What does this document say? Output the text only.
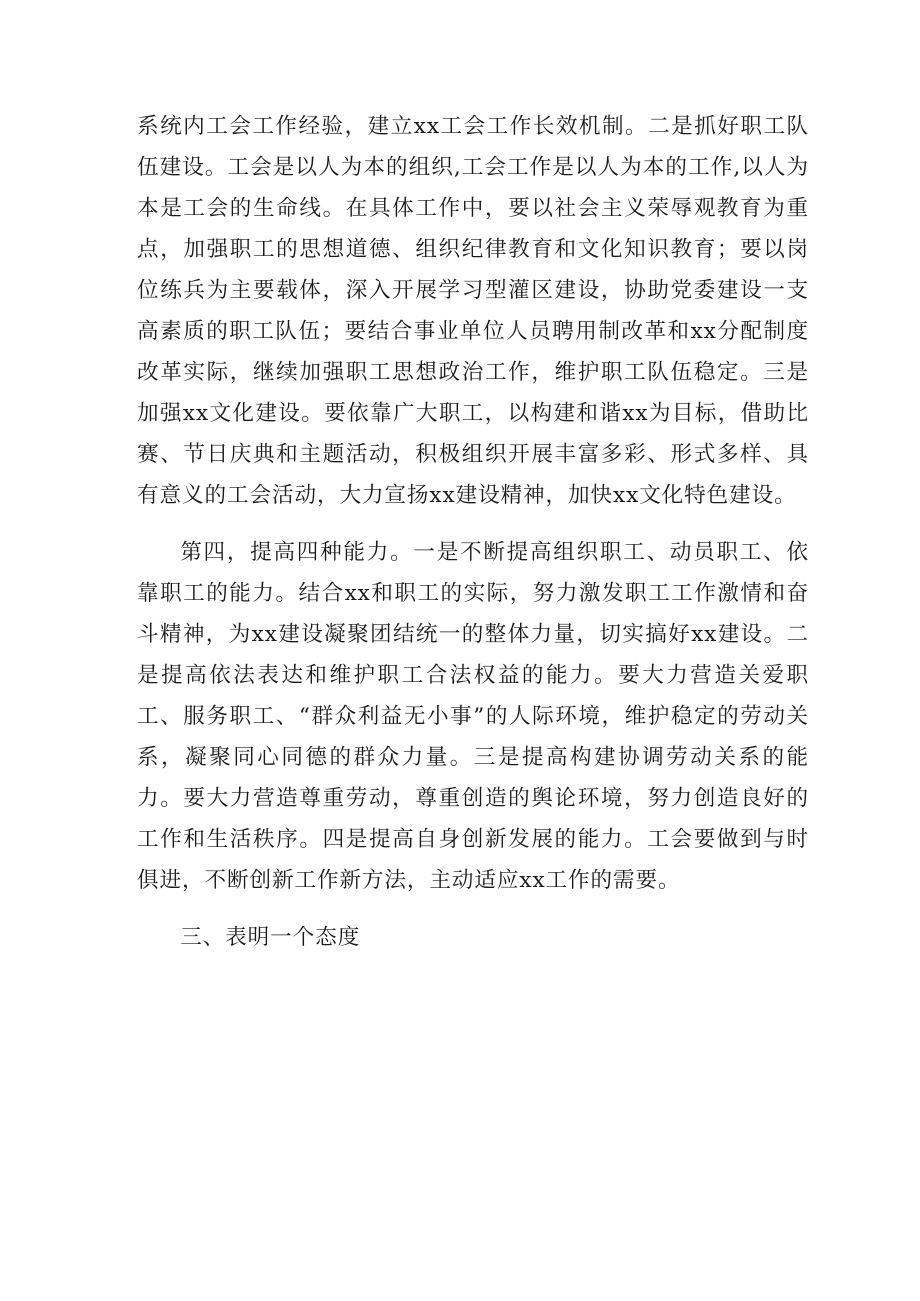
系统内工会工作经验，建立xx工会工作长效机制。二是抓好职工队伍建设。工会是以人为本的组织,工会工作是以人为本的工作,以人为本是工会的生命线。在具体工作中，要以社会主义荣辱观教育为重点，加强职工的思想道德、组织纪律教育和文化知识教育；要以岗位练兵为主要载体，深入开展学习型灌区建设，协助党委建设一支高素质的职工队伍；要结合事业单位人员聘用制改革和xx分配制度改革实际，继续加强职工思想政治工作，维护职工队伍稳定。三是加强xx文化建设。要依靠广大职工，以构建和谐xx为目标，借助比赛、节日庆典和主题活动，积极组织开展丰富多彩、形式多样、具有意义的工会活动，大力宣扬xx建设精神，加快xx文化特色建设。

第四，提高四种能力。一是不断提高组织职工、动员职工、依靠职工的能力。结合xx和职工的实际，努力激发职工工作激情和奋斗精神，为xx建设凝聚团结统一的整体力量，切实搞好xx建设。二是提高依法表达和维护职工合法权益的能力。要大力营造关爱职工、服务职工、“群众利益无小事”的人际环境，维护稳定的劳动关系，凝聚同心同德的群众力量。三是提高构建协调劳动关系的能力。要大力营造尊重劳动，尊重创造的舆论环境，努力创造良好的工作和生活秩序。四是提高自身创新发展的能力。工会要做到与时俱进，不断创新工作新方法，主动适应xx工作的需要。

三、表明一个态度
